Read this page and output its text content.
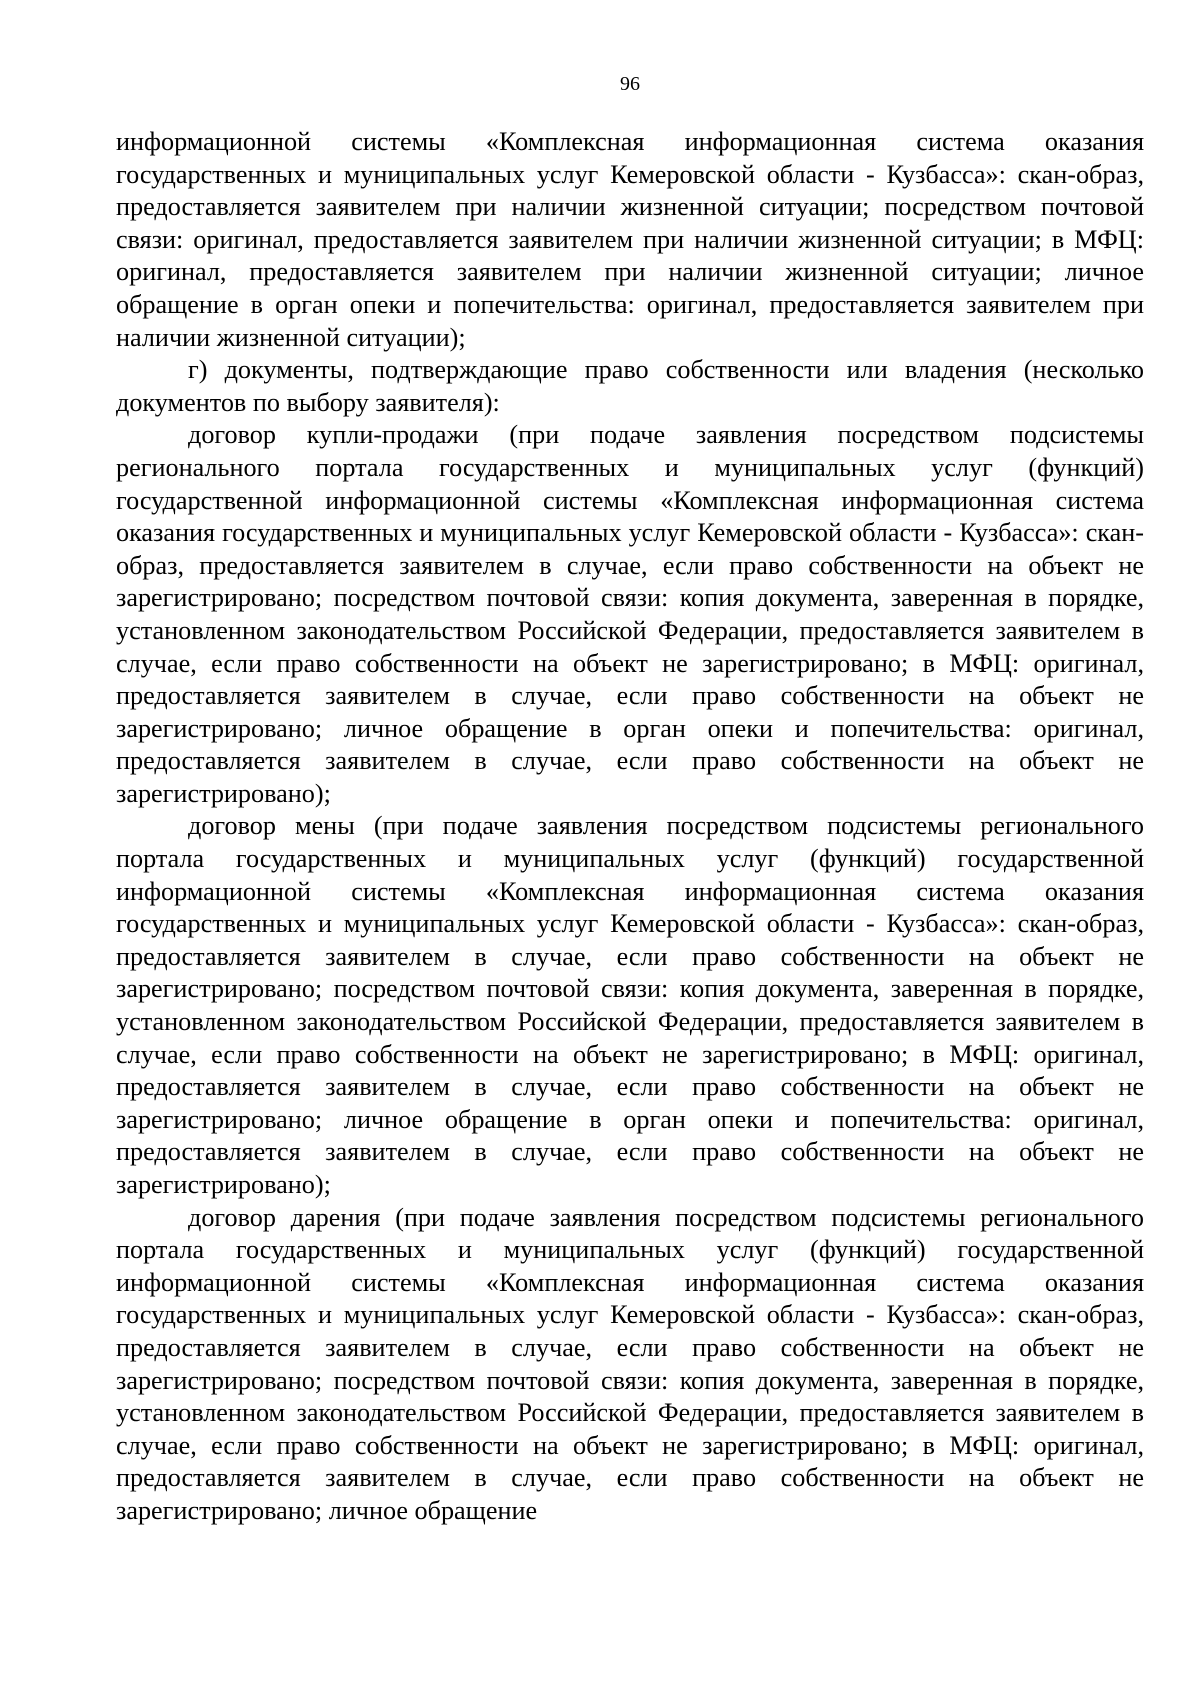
96

информационной системы «Комплексная информационная система оказания государственных и муниципальных услуг Кемеровской области - Кузбасса»: скан-образ, предоставляется заявителем при наличии жизненной ситуации; посредством почтовой связи: оригинал, предоставляется заявителем при наличии жизненной ситуации; в МФЦ: оригинал, предоставляется заявителем при наличии жизненной ситуации; личное обращение в орган опеки и попечительства: оригинал, предоставляется заявителем при наличии жизненной ситуации);

г) документы, подтверждающие право собственности или владения (несколько документов по выбору заявителя):

договор купли-продажи (при подаче заявления посредством подсистемы регионального портала государственных и муниципальных услуг (функций) государственной информационной системы «Комплексная информационная система оказания государственных и муниципальных услуг Кемеровской области - Кузбасса»: скан-образ, предоставляется заявителем в случае, если право собственности на объект не зарегистрировано; посредством почтовой связи: копия документа, заверенная в порядке, установленном законодательством Российской Федерации, предоставляется заявителем в случае, если право собственности на объект не зарегистрировано; в МФЦ: оригинал, предоставляется заявителем в случае, если право собственности на объект не зарегистрировано; личное обращение в орган опеки и попечительства: оригинал, предоставляется заявителем в случае, если право собственности на объект не зарегистрировано);

договор мены (при подаче заявления посредством подсистемы регионального портала государственных и муниципальных услуг (функций) государственной информационной системы «Комплексная информационная система оказания государственных и муниципальных услуг Кемеровской области - Кузбасса»: скан-образ, предоставляется заявителем в случае, если право собственности на объект не зарегистрировано; посредством почтовой связи: копия документа, заверенная в порядке, установленном законодательством Российской Федерации, предоставляется заявителем в случае, если право собственности на объект не зарегистрировано; в МФЦ: оригинал, предоставляется заявителем в случае, если право собственности на объект не зарегистрировано; личное обращение в орган опеки и попечительства: оригинал, предоставляется заявителем в случае, если право собственности на объект не зарегистрировано);

договор дарения (при подаче заявления посредством подсистемы регионального портала государственных и муниципальных услуг (функций) государственной информационной системы «Комплексная информационная система оказания государственных и муниципальных услуг Кемеровской области - Кузбасса»: скан-образ, предоставляется заявителем в случае, если право собственности на объект не зарегистрировано; посредством почтовой связи: копия документа, заверенная в порядке, установленном законодательством Российской Федерации, предоставляется заявителем в случае, если право собственности на объект не зарегистрировано; в МФЦ: оригинал, предоставляется заявителем в случае, если право собственности на объект не зарегистрировано; личное обращение
